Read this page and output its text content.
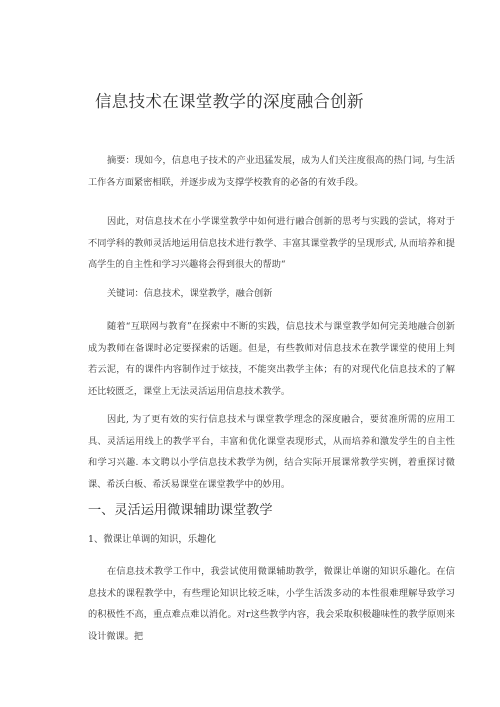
信息技术在课堂教学的深度融合创新

摘要：现如今，信息电子技术的产业迅猛发展，成为人们关注度很高的热门词, 与生活工作各方面紧密相联，并逐步成为支撑学校教育的必备的有效手段。

因此，对信息技术在小学课堂教学中如何进行融合创新的思考与实践的尝试，将对于不同学科的教师灵活地运用信息技术进行教学、丰富其课堂教学的呈现形式, 从而培养和提高学生的自主性和学习兴趣将会得到很大的帮助“

关键词：信息技术，课堂教学，融合创新

随着“互联网与教育”在探索中不断的实践，信息技术与课堂教学如何完美地融合创新成为教师在备课时必定要探索的话题。但是，有些教师对信息技术在教学课堂的使用上判若云泥，有的课件内容制作过于炫技，不能突出教学主体；有的对现代化信息技术的了解还比较匮乏，课堂上无法灵活运用信息技术教学。

因此, 为了更有效的实行信息技术与课堂教学理念的深度融合，要贫准所需的应用工具、灵活运用线上的教学平台，丰富和优化课堂表现形式，从而培养和激发学生的自主性和学习兴趣. 本文聘以小学信息技术教学为例，结合实际开展课常教学实例，着重探讨微课、希沃白板、希沃易课堂在课堂教学中的妙用。

一、灵活运用微课辅助课堂教学
1、微课让单调的知识，乐趣化

在信息技术教学工作中，我尝试使用微课辅助教学，微课让单谢的知识乐趣化。在信息技术的课程教学中，有些理论知识比较乏味，小学生活泼多动的本性很难理解导致学习的积极性不高，重点难点难以消化。对r这些教学内容，我会采取积极趣味性的教学原则来设计微课。把
